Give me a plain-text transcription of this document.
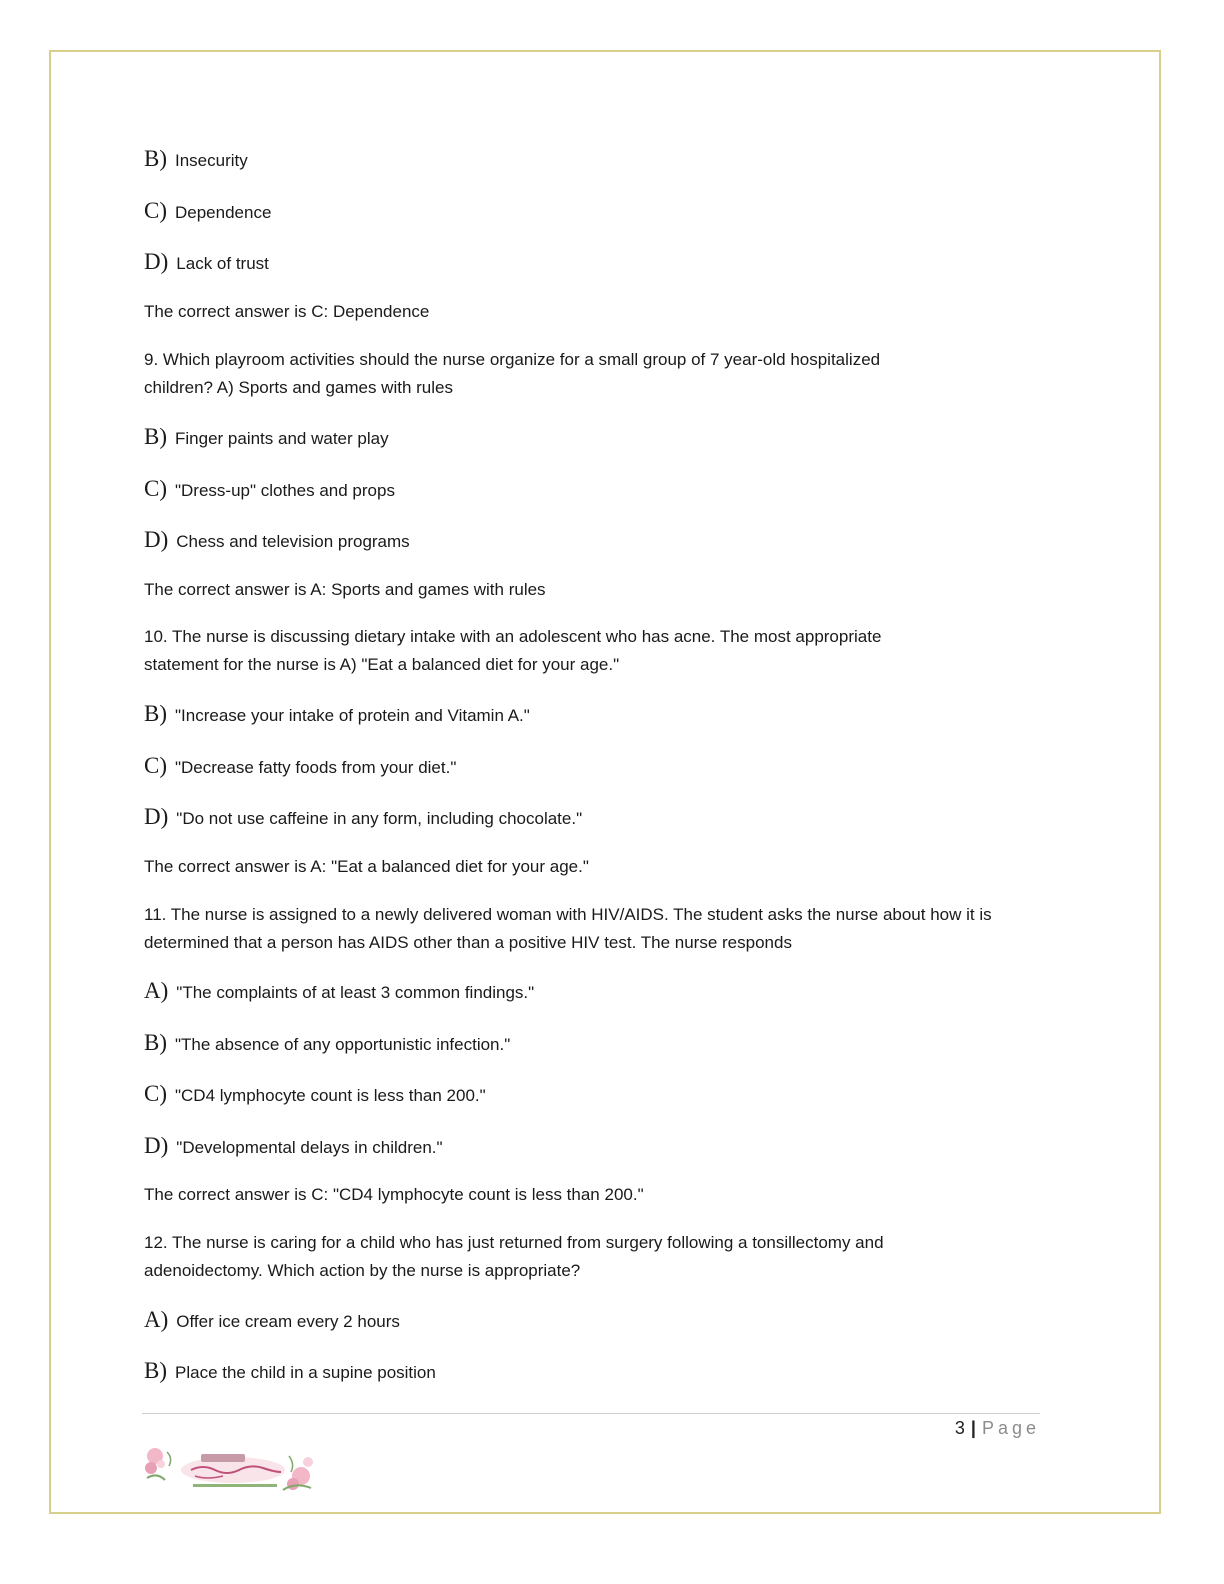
B) Insecurity
C) Dependence
D) Lack of trust
The correct answer is C: Dependence
9. Which playroom activities should the nurse organize for a small group of 7 year-old hospitalized children? A) Sports and games with rules
B) Finger paints and water play
C) "Dress-up" clothes and props
D) Chess and television programs
The correct answer is A: Sports and games with rules
10. The nurse is discussing dietary intake with an adolescent who has acne. The most appropriate statement for the nurse is A) "Eat a balanced diet for your age."
B) "Increase your intake of protein and Vitamin A."
C) "Decrease fatty foods from your diet."
D) "Do not use caffeine in any form, including chocolate."
The correct answer is A: "Eat a balanced diet for your age."
11. The nurse is assigned to a newly delivered woman with HIV/AIDS. The student asks the nurse about how it is determined that a person has AIDS other than a positive HIV test. The nurse responds
A) "The complaints of at least 3 common findings."
B) "The absence of any opportunistic infection."
C) "CD4 lymphocyte count is less than 200."
D) "Developmental delays in children."
The correct answer is C: "CD4 lymphocyte count is less than 200."
12. The nurse is caring for a child who has just returned from surgery following a tonsillectomy and adenoidectomy. Which action by the nurse is appropriate?
A) Offer ice cream every 2 hours
B) Place the child in a supine position
3 | Page
